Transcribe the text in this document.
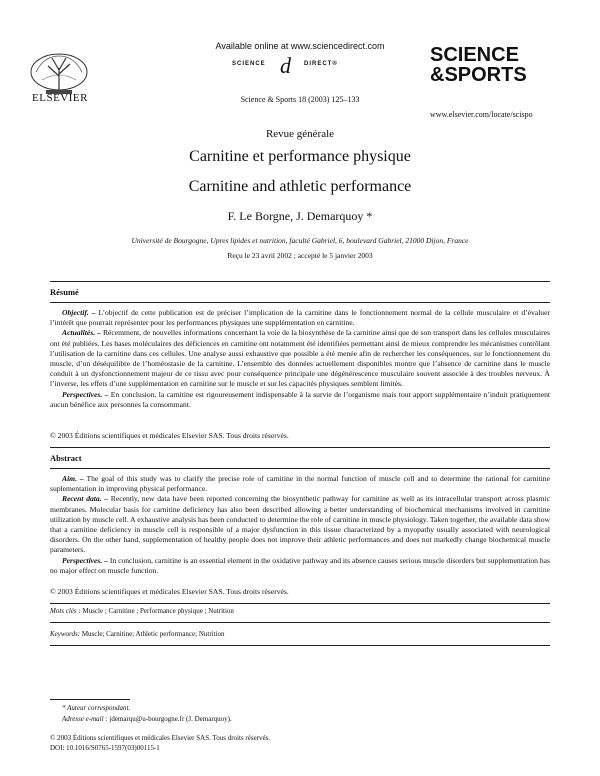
ELSEVIER
Available online at www.sciencedirect.com
SCIENCE d DIRECT®
Science & Sports 18 (2003) 125–133
SCIENCE
&SPORTS
www.elsevier.com/locate/scispo
Revue générale
Carnitine et performance physique
Carnitine and athletic performance
F. Le Borgne, J. Demarquoy *
Université de Bourgogne, Upres lipides et nutrition, faculté Gabriel, 6, boulevard Gabriel, 21000 Dijon, France
Reçu le 23 avril 2002 ; accepté le 5 janvier 2003
Résumé

Objectif. – L’objectif de cette publication est de préciser l’implication de la carnitine dans le fonctionnement normal de la cellule musculaire et d’évaluer l’intérêt que pourrait représenter pour les performances physiques une supplémentation en carnitine.

Actualités. – Récemment, de nouvelles informations concernant la voie de la biosynthèse de la carnitine ainsi que de son transport dans les cellules musculaires ont été publiées. Les bases moléculaires des déficiences en carnitine ont notamment été identifiées permettant ainsi de mieux comprendre les mécanismes contrôlant l’utilisation de la carnitine dans ces cellules. Une analyse aussi exhaustive que possible a été menée afin de rechercher les conséquences, sur le fonctionnement du muscle, d’un déséquilibre de l’homéostasie de la carnitine. L’ensemble des données actuellement disponibles montre que l’absence de carnitine dans le muscle conduit à un dysfonctionnement majeur de ce tissu avec pour conséquence principale une dégénérescence musculaire souvent associée à des troubles nerveux. À l’inverse, les effets d’une supplémentation en carnitine sur le muscle et sur les capacités physiques semblent limités.

Perspectives. – En conclusion, la carnitine est rigoureusement indispensable à la survie de l’organisme mais tout apport supplémentaire n’induit pratiquement aucun bénéfice aux personnes la consommant.

© 2003 Éditions scientifiques et médicales Elsevier SAS. Tous droits réservés.
Abstract

Aim. – The goal of this study was to clarify the precise role of carnitine in the normal function of muscle cell and to determine the rational for carnitine suplementation in improving physical performance.

Recent data. – Recently, new data have been reported concerning the biosynthetic pathway for carnitine as well as its intracellular transport across plasmic membranes. Molecular basis for carnitine deficiency has also been described allowing a better understanding of biochemical mechanisms involved in carnitine utilization by muscle cell. A exhaustive analysis has been conducted to determine the role of carnitine in muscle physiology. Taken together, the available data show that a carnitine deficiency in muscle cell is responsible of a major dysfunction in this tissue characterized by a myopathy usually associated with neurological disorders. On the other hand, supplementation of healthy people does not improve their athletic performances and does not markedly change biochemical muscle parameters.

Perspectives. – In conclusion, carnitine is an essential element in the oxidative pathway and its absence causes serious muscle disorders but supplementation has no major effect on muscle function.

© 2003 Éditions scientifiques et médicales Elsevier SAS. Tous droits réservés.
Mots clés : Muscle ; Carnitine ; Performance physique ; Nutrition
Keywords: Muscle; Carnitine; Athletic performance; Nutrition
* Auteur correspondant.
Adresse e-mail : jdemarqu@u-bourgogne.fr (J. Demarquoy).
© 2003 Éditions scientifiques et médicales Elsevier SAS. Tous droits réservés.
DOI: 10.1016/S0765-1597(03)00115-1
